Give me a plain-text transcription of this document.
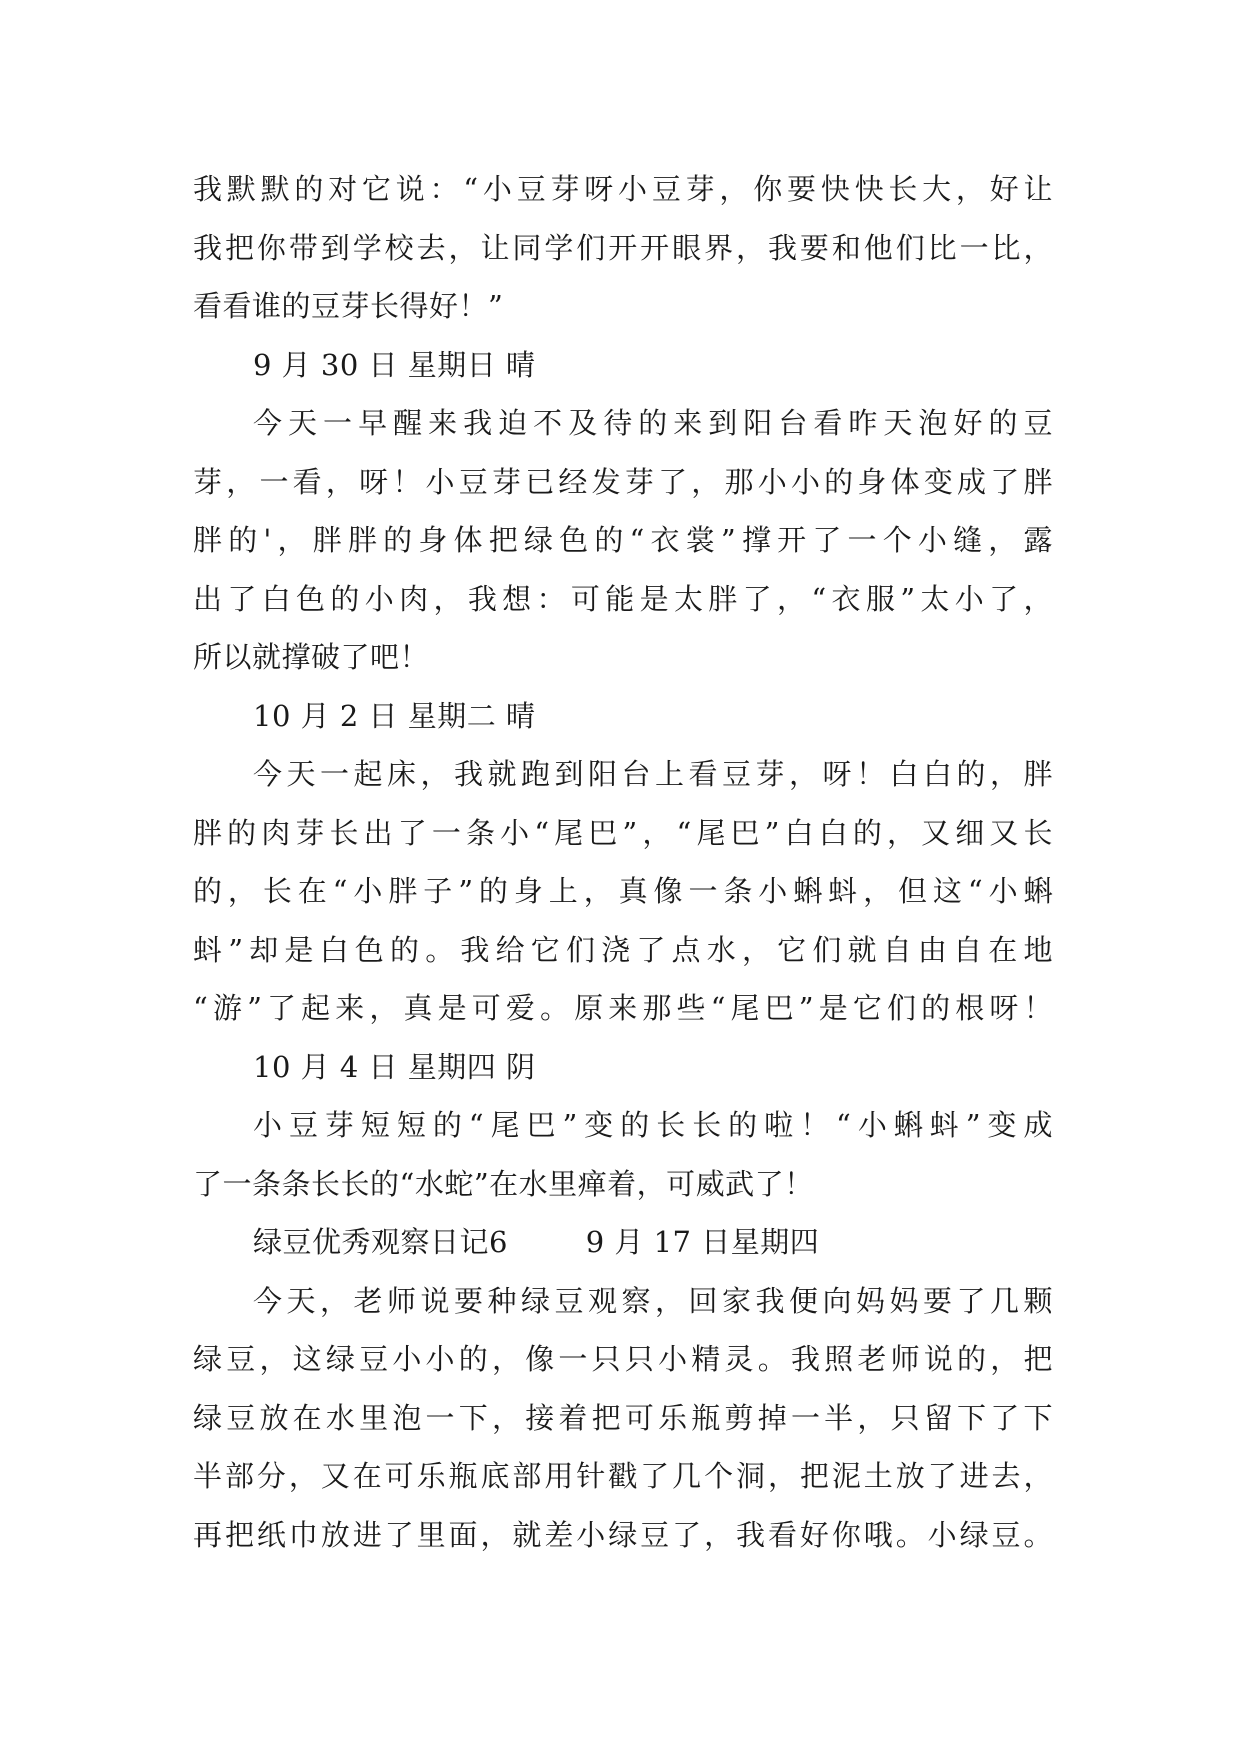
我默默的对它说：“小豆芽呀小豆芽，你要快快长大，好让
我把你带到学校去，让同学们开开眼界，我要和他们比一比，
看看谁的豆芽长得好！”
9 月 30 日 星期日 晴
今天一早醒来我迫不及待的来到阳台看昨天泡好的豆
芽，一看，呀！小豆芽已经发芽了，那小小的身体变成了胖
胖的'，胖胖的身体把绿色的“衣裳”撑开了一个小缝，露
出了白色的小肉，我想：可能是太胖了，“衣服”太小了，
所以就撑破了吧！
10 月 2 日 星期二 晴
今天一起床，我就跑到阳台上看豆芽，呀！白白的，胖
胖的肉芽长出了一条小“尾巴”，“尾巴”白白的，又细又长
的，长在“小胖子”的身上，真像一条小蝌蚪，但这“小蝌
蚪”却是白色的。我给它们浇了点水，它们就自由自在地
“游”了起来，真是可爱。原来那些“尾巴”是它们的根呀！
10 月 4 日 星期四 阴
小豆芽短短的“尾巴”变的长长的啦！“小蝌蚪”变成
了一条条长长的“水蛇”在水里瘅着，可威武了！
绿豆优秀观察日记6        9 月 17 日星期四
今天，老师说要种绿豆观察，回家我便向妈妈要了几颗
绿豆，这绿豆小小的，像一只只小精灵。我照老师说的，把
绿豆放在水里泡一下，接着把可乐瓶剪掉一半，只留下了下
半部分，又在可乐瓶底部用针戳了几个洞，把泥土放了进去，
再把纸巾放进了里面，就差小绿豆了，我看好你哦。小绿豆。
